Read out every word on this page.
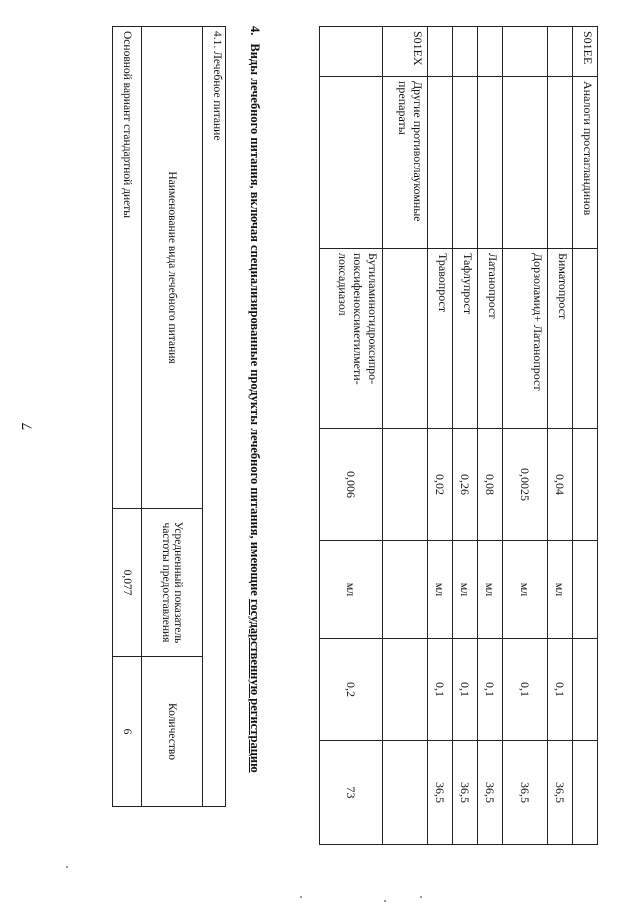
7
S01EE	Аналоги простагландинов					
		Биматопрост	0,04	мл	0,1	36,5
		Дорзоламид+ Латанопрост	0,0025	мл	0,1	36,5
		Латанопрост	0,08	мл	0,1	36,5
		Тафлупрост	0,26	мл	0,1	36,5
		Травопрост	0,02	мл	0,1	36,5
S01EX	Другие противоглаукомные препараты					
		Бутиламиногидроксипро-поксифеноксиметилмети-локсадиазол	0,006	мл	0,2	73
4.Виды лечебного питания, включая специализированные продукты лечебного питания, имеющие государственную регистрацию
4.1. Лечебное питание		
Наименование вида лечебного питания	Усредненный показатель частоты предоставления	Количество
Основной вариант стандартной диеты	0,077	6
